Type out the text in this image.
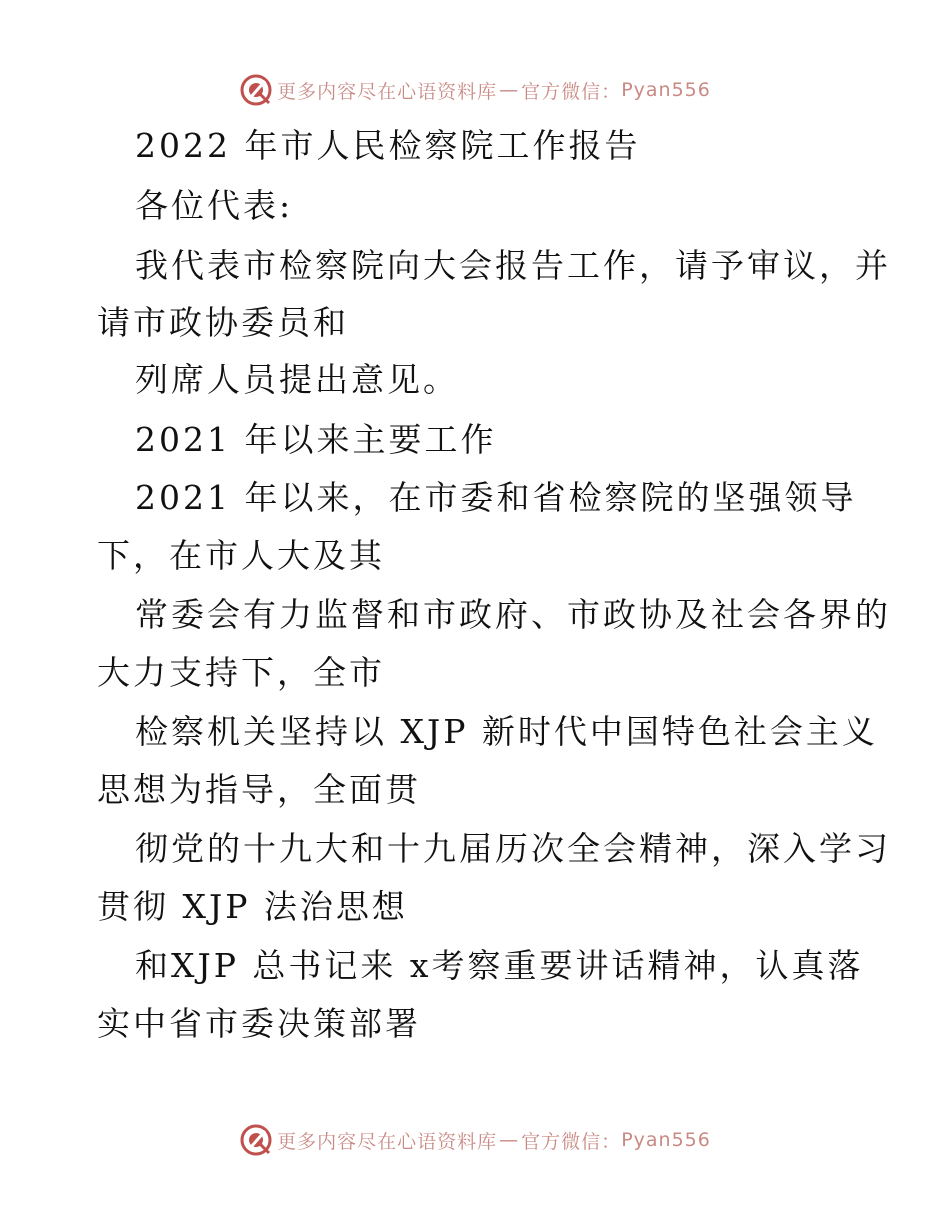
更多内容尽在心语资料库 — 官方微信： Pyan556
2022 年市人民检察院工作报告
各位代表:
我代表市检察院向大会报告工作，请予审议，并
请市政协委员和
列席人员提出意见。
2021 年以来主要工作
2021 年以来，在市委和省检察院的坚强领导
下，在市人大及其
常委会有力监督和市政府、市政协及社会各界的
大力支持下，全市
检察机关坚持以 XJP 新时代中国特色社会主义
思想为指导，全面贯
彻党的十九大和十九届历次全会精神，深入学习
贯彻 XJP 法治思想
和XJP 总书记来 x考察重要讲话精神，认真落
实中省市委决策部署
更多内容尽在心语资料库 — 官方微信： Pyan556
